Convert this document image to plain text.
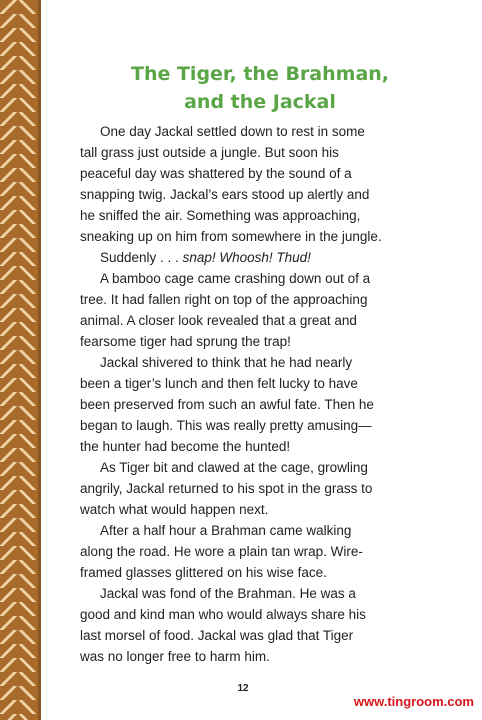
The Tiger, the Brahman,
and the Jackal
One day Jackal settled down to rest in some
tall grass just outside a jungle. But soon his
peaceful day was shattered by the sound of a
snapping twig. Jackal’s ears stood up alertly and
he sniffed the air. Something was approaching,
sneaking up on him from somewhere in the jungle.
Suddenly . . . snap! Whoosh! Thud!
A bamboo cage came crashing down out of a
tree. It had fallen right on top of the approaching
animal. A closer look revealed that a great and
fearsome tiger had sprung the trap!
Jackal shivered to think that he had nearly
been a tiger’s lunch and then felt lucky to have
been preserved from such an awful fate. Then he
began to laugh. This was really pretty amusing—
the hunter had become the hunted!
As Tiger bit and clawed at the cage, growling
angrily, Jackal returned to his spot in the grass to
watch what would happen next.
After a half hour a Brahman came walking
along the road. He wore a plain tan wrap. Wire-
framed glasses glittered on his wise face.
Jackal was fond of the Brahman. He was a
good and kind man who would always share his
last morsel of food. Jackal was glad that Tiger
was no longer free to harm him.
12
www.tingroom.com
